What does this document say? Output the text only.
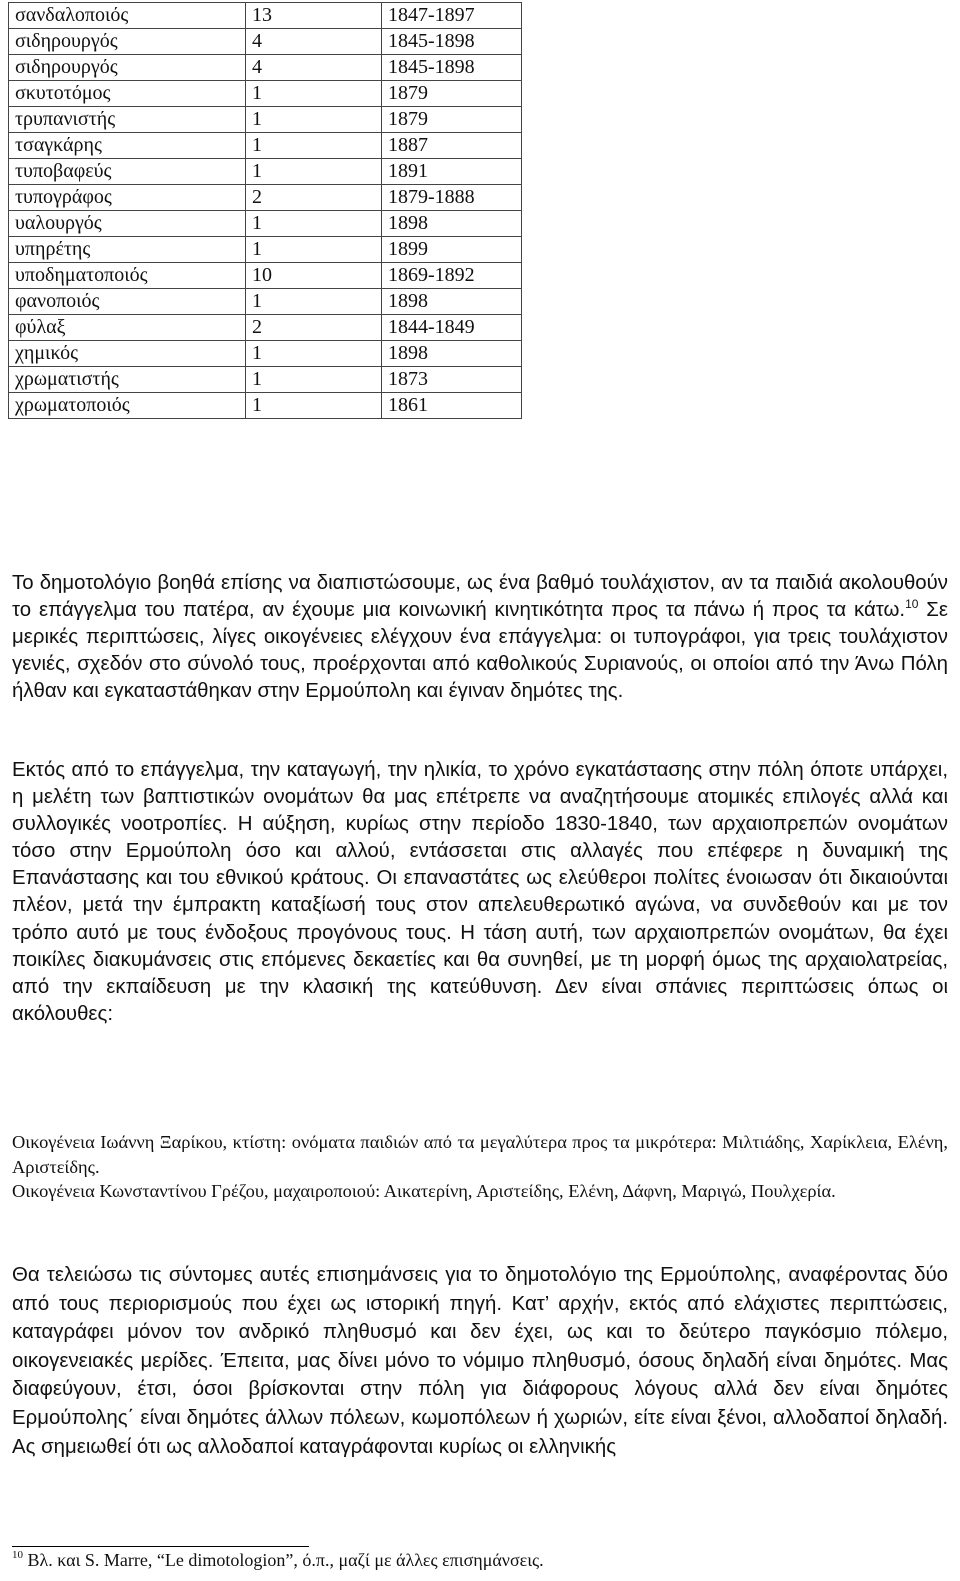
σανδαλοποιός	13	1847-1897
σιδηρουργός	4	1845-1898
σιδηρουργός	4	1845-1898
σκυτοτόμος	1	1879
τρυπανιστής	1	1879
τσαγκάρης	1	1887
τυποβαφεύς	1	1891
τυπογράφος	2	1879-1888
υαλουργός	1	1898
υπηρέτης	1	1899
υποδηματοποιός	10	1869-1892
φανοποιός	1	1898
φύλαξ	2	1844-1849
χημικός	1	1898
χρωματιστής	1	1873
χρωματοποιός	1	1861

Το δημοτολόγιο βοηθά επίσης να διαπιστώσουμε, ως ένα βαθμό τουλάχιστον, αν τα παιδιά ακολουθούν το επάγγελμα του πατέρα, αν έχουμε μια κοινωνική κινητικότητα προς τα πάνω ή προς τα κάτω.$^{10}$ Σε μερικές περιπτώσεις, λίγες οικογένειες ελέγχουν ένα επάγγελμα: οι τυπογράφοι, για τρεις τουλάχιστον γενιές, σχεδόν στο σύνολό τους, προέρχονται από καθολικούς Συριανούς, οι οποίοι από την Άνω Πόλη ήλθαν και εγκαταστάθηκαν στην Ερμούπολη και έγιναν δημότες της.

Εκτός από το επάγγελμα, την καταγωγή, την ηλικία, το χρόνο εγκατάστασης στην πόλη όποτε υπάρχει, η μελέτη των βαπτιστικών ονομάτων θα μας επέτρεπε να αναζητήσουμε ατομικές επιλογές αλλά και συλλογικές νοοτροπίες. Η αύξηση, κυρίως στην περίοδο 1830-1840, των αρχαιοπρεπών ονομάτων τόσο στην Ερμούπολη όσο και αλλού, εντάσσεται στις αλλαγές που επέφερε η δυναμική της Επανάστασης και του εθνικού κράτους. Οι επαναστάτες ως ελεύθεροι πολίτες ένοιωσαν ότι δικαιούνται πλέον, μετά την έμπρακτη καταξίωσή τους στον απελευθερωτικό αγώνα, να συνδεθούν και με τον τρόπο αυτό με τους ένδοξους προγόνους τους. Η τάση αυτή, των αρχαιοπρεπών ονομάτων, θα έχει ποικίλες διακυμάνσεις στις επόμενες δεκαετίες και θα συνηθεί, με τη μορφή όμως της αρχαιολατρείας, από την εκπαίδευση με την κλασική της κατεύθυνση. Δεν είναι σπάνιες περιπτώσεις όπως οι ακόλουθες:

Οικογένεια Ιωάννη Ξαρίκου, κτίστη: ονόματα παιδιών από τα μεγαλύτερα προς τα μικρότερα: Μιλτιάδης, Χαρίκλεια, Ελένη, Αριστείδης.

Οικογένεια Κωνσταντίνου Γρέζου, μαχαιροποιού: Αικατερίνη, Αριστείδης, Ελένη, Δάφνη, Μαριγώ, Πουλχερία.

Θα τελειώσω τις σύντομες αυτές επισημάνσεις για το δημοτολόγιο της Ερμούπολης, αναφέροντας δύο από τους περιορισμούς που έχει ως ιστορική πηγή. Κατ’ αρχήν, εκτός από ελάχιστες περιπτώσεις, καταγράφει μόνον τον ανδρικό πληθυσμό και δεν έχει, ως και το δεύτερο παγκόσμιο πόλεμο, οικογενειακές μερίδες. Έπειτα, μας δίνει μόνο το νόμιμο πληθυσμό, όσους δηλαδή είναι δημότες. Μας διαφεύγουν, έτσι, όσοι βρίσκονται στην πόλη για διάφορους λόγους αλλά δεν είναι δημότες Ερμούπολης΄ είναι δημότες άλλων πόλεων, κωμοπόλεων ή χωριών, είτε είναι ξένοι, αλλοδαποί δηλαδή. Ας σημειωθεί ότι ως αλλοδαποί καταγράφονται κυρίως οι ελληνικής

$^{10}$ Βλ. και S. Marre, “Le dimotologion”, ό.π., μαζί με άλλες επισημάνσεις.
